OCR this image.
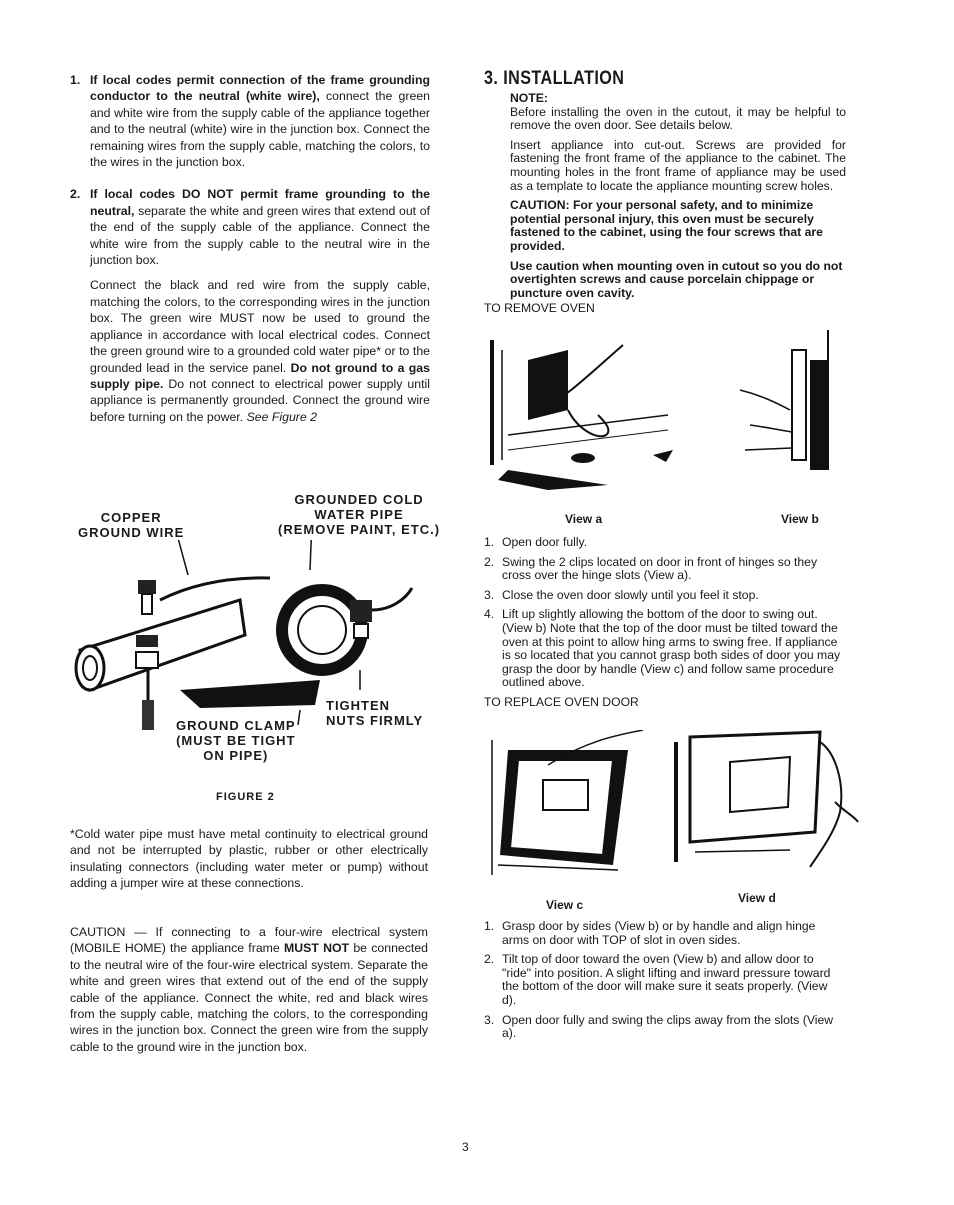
1. If local codes permit connection of the frame grounding conductor to the neutral (white wire), connect the green and white wire from the supply cable of the appliance together and to the neutral (white) wire in the junction box. Connect the remaining wires from the supply cable, matching the colors, to the wires in the junction box.
2. If local codes DO NOT permit frame grounding to the neutral, separate the white and green wires that extend out of the end of the supply cable of the appliance. Connect the white wire from the supply cable to the neutral wire in the junction box.

Connect the black and red wire from the supply cable, matching the colors, to the corresponding wires in the junction box. The green wire MUST now be used to ground the appliance in accordance with local electrical codes. Connect the green ground wire to a grounded cold water pipe* or to the grounded lead in the service panel. Do not ground to a gas supply pipe. Do not connect to electrical power supply until appliance is permanently grounded. Connect the ground wire before turning on the power. See Figure 2

COPPER
GROUND WIRE
GROUNDED COLD
WATER PIPE
(REMOVE PAINT, ETC.)
GROUND CLAMP
(MUST BE TIGHT
ON PIPE)
TIGHTEN
NUTS FIRMLY
FIGURE 2

*Cold water pipe must have metal continuity to electrical ground and not be interrupted by plastic, rubber or other electrically insulating connectors (including water meter or pump) without adding a jumper wire at these connections.

CAUTION — If connecting to a four-wire electrical system (MOBILE HOME) the appliance frame MUST NOT be connected to the neutral wire of the four-wire electrical system. Separate the white and green wires that extend out of the end of the supply cable of the appliance. Connect the white, red and black wires from the supply cable, matching the colors, to the corresponding wires in the junction box. Connect the green wire from the supply cable to the ground wire in the junction box.

3. INSTALLATION
NOTE:

Before installing the oven in the cutout, it may be helpful to remove the oven door. See details below.

Insert appliance into cut-out. Screws are provided for fastening the front frame of the appliance to the cabinet. The mounting holes in the front frame of appliance may be used as a template to locate the appliance mounting screw holes.

CAUTION: For your personal safety, and to minimize potential personal injury, this oven must be securely fastened to the cabinet, using the four screws that are provided.

Use caution when mounting oven in cutout so you do not overtighten screws and cause porcelain chippage or puncture oven cavity.

TO REMOVE OVEN
View a	View b
1. Open door fully.
2. Swing the 2 clips located on door in front of hinges so they cross over the hinge slots (View a).
3. Close the oven door slowly until you feel it stop.
4. Lift up slightly allowing the bottom of the door to swing out. (View b) Note that the top of the door must be tilted toward the oven at this point to allow hing arms to swing free. If appliance is so located that you cannot grasp both sides of door you may grasp the door by handle (View c) and follow same procedure outlined above.
TO REPLACE OVEN DOOR
View c	View d
1. Grasp door by sides (View b) or by handle and align hinge arms on door with TOP of slot in oven sides.
2. Tilt top of door toward the oven (View b) and allow door to "ride" into position. A slight lifting and inward pressure toward the bottom of the door will make sure it seats properly. (View d).
3. Open door fully and swing the clips away from the slots (View a).
3
